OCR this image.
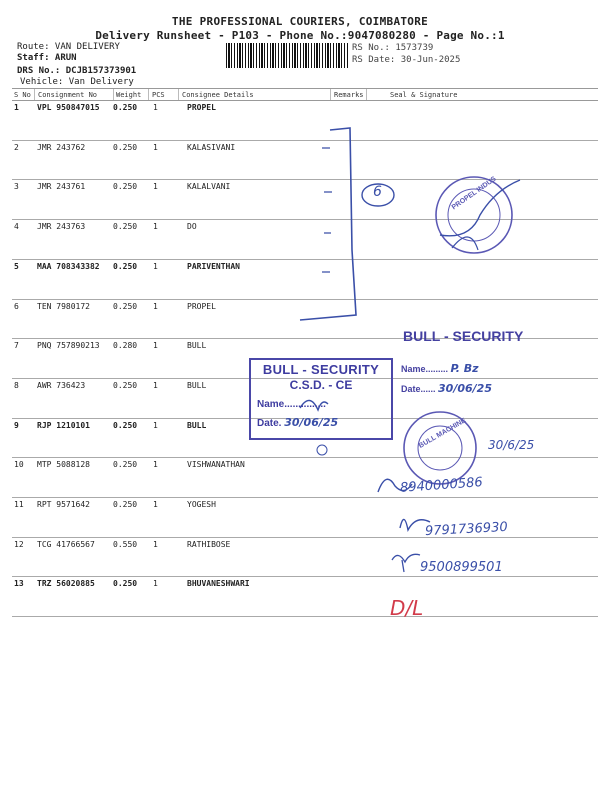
THE PROFESSIONAL COURIERS, COIMBATORE
Delivery Runsheet - P103 - Phone No.:9047080280 - Page No.:1
Route: VAN DELIVERY
Staff: ARUN
DRS No.: DCJB157373901
Vehicle: Van Delivery
RS No.: 1573739
RS Date: 30-Jun-2025
S No Consignment No	Weight PCS Consignee Details	Remarks	Seal & Signature
1 VPL 950847015 0.250 1	PROPEL
2 JMR 243762	0.250 1	KALASIVANI
3 JMR 243761	0.250 1	KALALVANI
4 JMR 243763	0.250 1	DO
5 MAA 708343382 0.250 1	PARIVENTHAN
6 TEN 7980172	0.250 1	PROPEL
7 PNQ 757890213 0.280 1	BULL
8 AWR 736423	0.250 1	BULL
9 RJP 1210101	0.250 1	BULL
10 MTP 5088128	0.250 1	VISHWANATHAN
11 RPT 9571642	0.250 1	YOGESH
12 TCG 41766567 0.550 1	RATHIBOSE
13 TRZ 56020885 0.250 1	BHUVANESHWARI
6	PROPEL INDUS
BULL - SECURITY
C.S.D. - CE
Name...............
Date. 30/06/25
BULL - SECURITY
Name......... P. Bz
Date...... 30/06/25
BULL MACHINE 30/6/25
8940000586
9791736930
9500899501
D/L
